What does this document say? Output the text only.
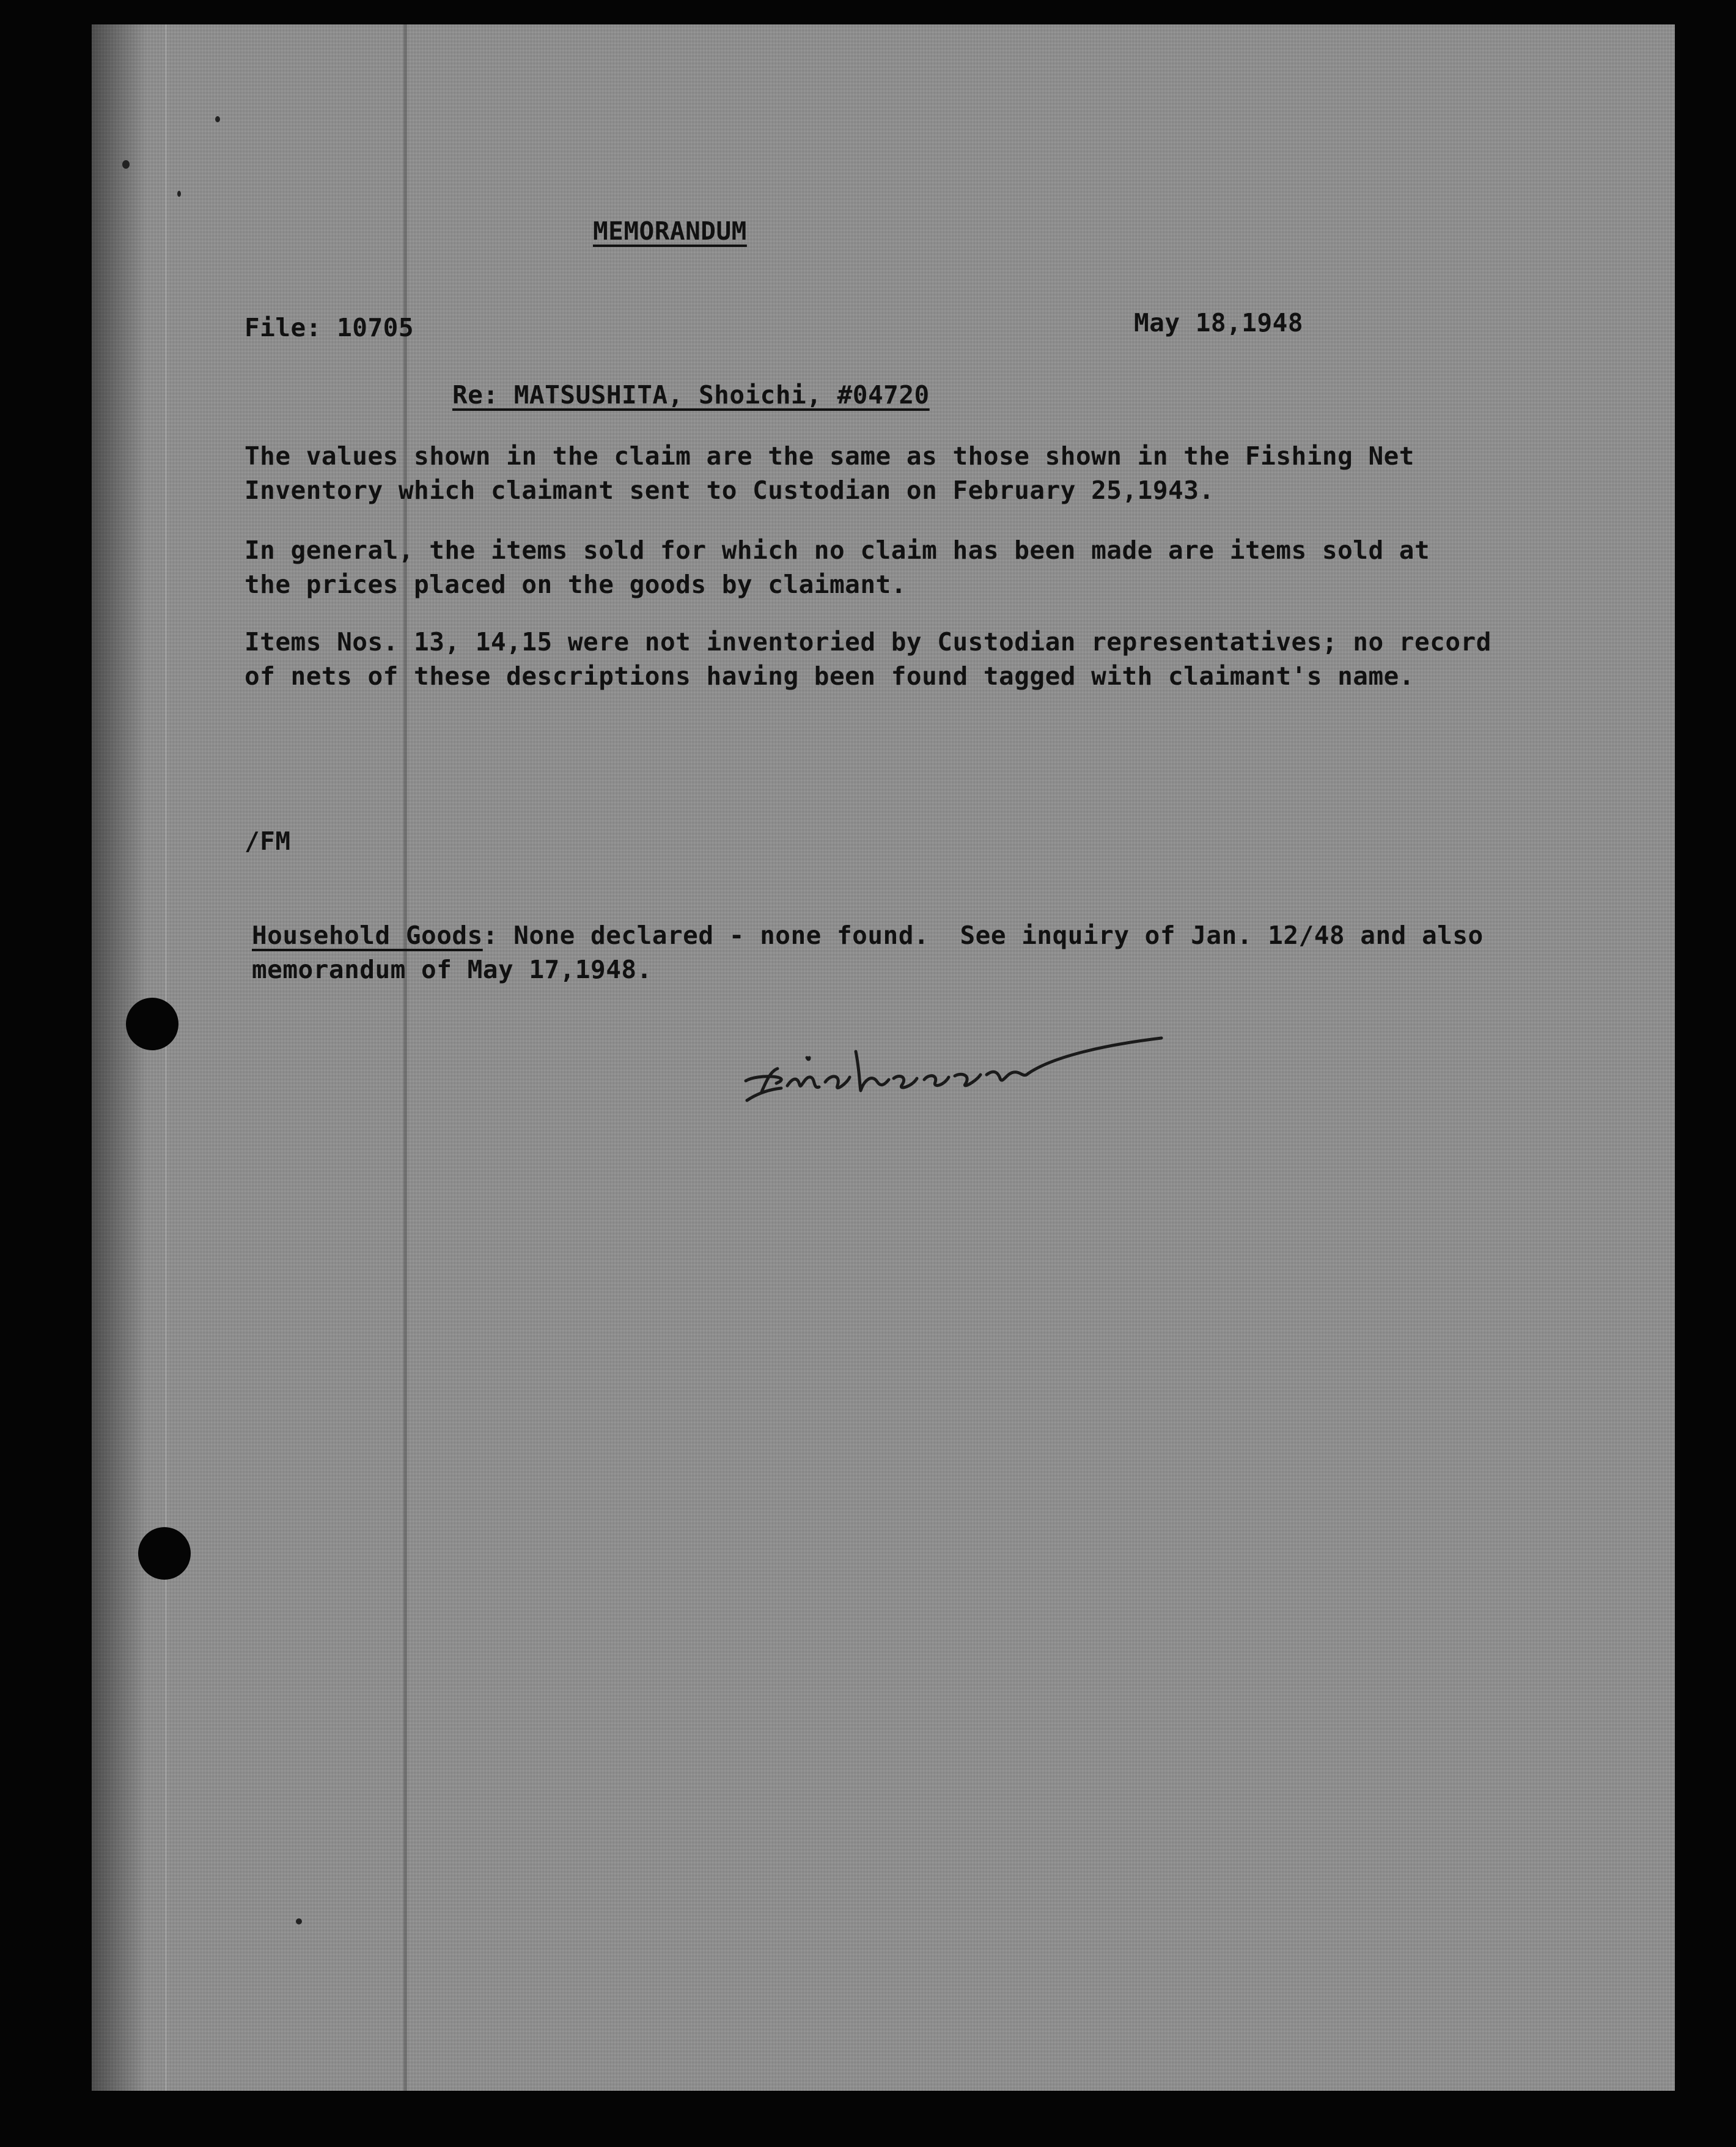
MEMORANDUM
File: 10705	May 18,1948
Re: MATSUSHITA, Shoichi, #04720
The values shown in the claim are the same as those shown in the Fishing Net
Inventory which claimant sent to Custodian on February 25,1943.
In general, the items sold for which no claim has been made are items sold at
the prices placed on the goods by claimant.
Items Nos. 13, 14,15 were not inventoried by Custodian representatives; no record
of nets of these descriptions having been found tagged with claimant's name.
/FM
Household Goods: None declared - none found.  See inquiry of Jan. 12/48 and also
memorandum of May 17,1948.
